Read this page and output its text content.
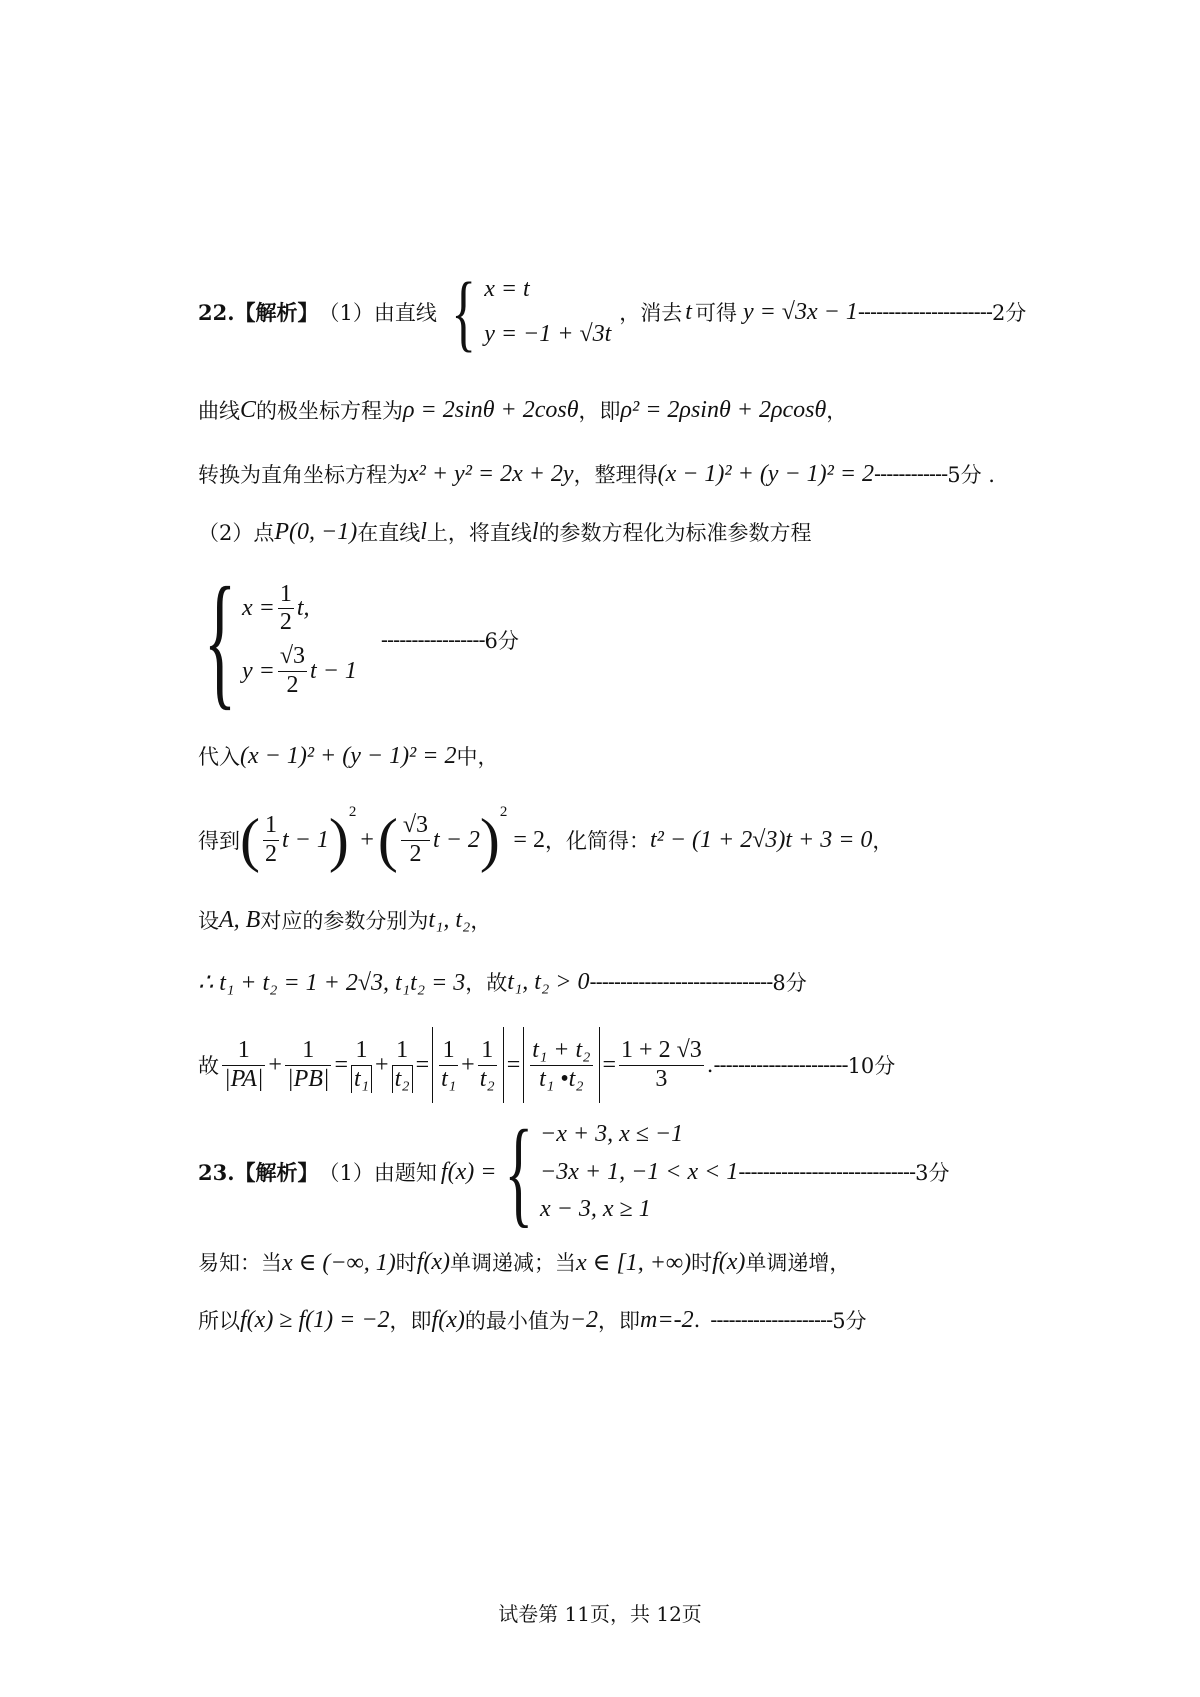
22.【解析】 （1）由直线 { x = t
y = −1 + √3t
，消去 t 可得 y = √3x − 1 ---------------------- 2分
曲线 C 的极坐标方程为 ρ = 2sinθ + 2cosθ ，即 ρ² = 2ρsinθ + 2ρcosθ ，
转换为直角坐标方程为 x² + y² = 2x + 2y ，整理得 (x − 1)² + (y − 1)² = 2 ------------ 5分 .
（2）点 P(0, −1) 在直线 l 上，将直线 l 的参数方程化为标准参数方程
{ $x = \frac{1}{2} t$,
$y = \frac{√3}{2}$ t − 1
----------------- 6分
代入 (x − 1)² + (y − 1)² = 2 中，
得到 ( $\frac{1}{2}$ t − 1 ) 2
+ ( $\frac{√3}{2}$ t − 2 ) 2
= 2 ，化简得： t² − (1 + 2√3)t + 3 = 0 ，
设 A, B 对应的参数分别为 t₁, t₂ ，
∴ t₁ + t₂ = 1 + 2√3, t₁t₂ = 3 ，故 t₁, t₂ > 0 ------------------------------ 8分
故 $\frac{1}{|PA|} + \frac{1}{|PB|} = \frac{1}{\text{t₁}} + \frac{1}{\text{t₂}} = \frac{1}{\text{t₁}} + \frac{1}{\text{t₂}} = \frac{\text{t₁ + t₂}}{\text{t₁ •t₂}} = \frac{1 + 2 √3}{3}$ . ---------------------- 10分
23.【解析】 （1）由题知 f(x) = { −x + 3, x ≤ −1
−3x + 1, −1 < x < 1
x − 3, x ≥ 1
----------------------------- 3分
易知：当 x ∈ (−∞, 1) 时 f(x) 单调递减；当 x ∈ [1, +∞) 时 f(x) 单调递增，
所以 f(x) ≥ f(1) = −2 ，即 f(x) 的最小值为 −2 ，即 m=-2 . -------------------- 5分
试卷第 11页，共 12页
